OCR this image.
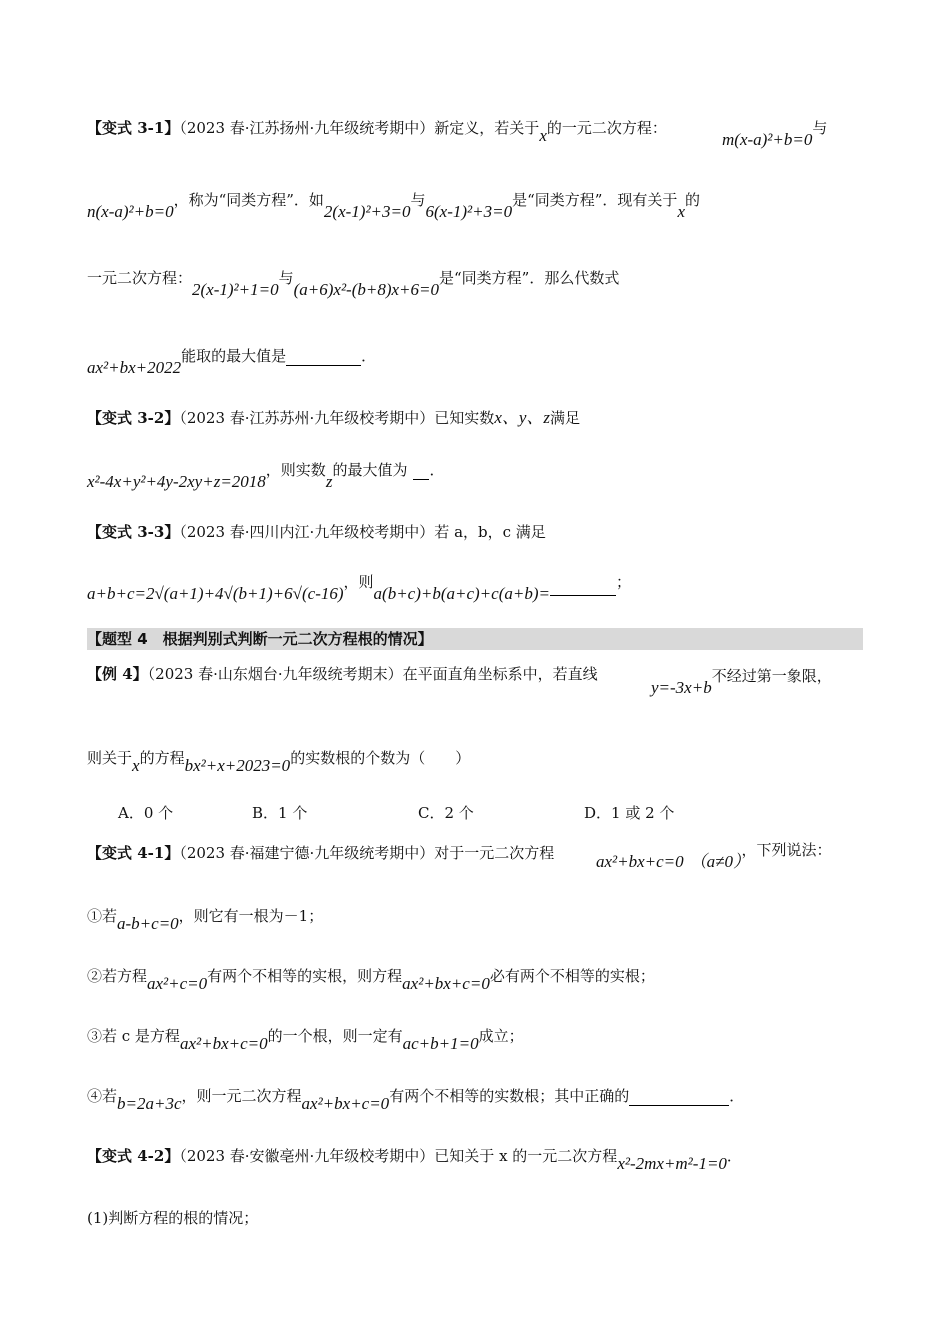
【变式 3-1】（2023 春·江苏扬州·九年级统考期中）新定义，若关于x的一元二次方程：
m(x-a)²+b=0与
n(x-a)²+b=0，称为“同类方程”．如2(x-1)²+3=0与6(x-1)²+3=0是“同类方程”．现有关于x的
一元二次方程：2(x-1)²+1=0与(a+6)x²-(b+8)x+6=0是“同类方程”．那么代数式
ax²+bx+2022能取的最大值是	．
【变式 3-2】（2023 春·江苏苏州·九年级校考期中）已知实数x、y、z满足
x²-4x+y²+4y-2xy+z=2018，则实数z的最大值为 ．
【变式 3-3】（2023 春·四川内江·九年级校考期中）若 a，b，c 满足
a+b+c=2√(a+1)+4√(b+1)+6√(c-16)，则a(b+c)+b(a+c)+c(a+b)=；
【题型 4　根据判别式判断一元二次方程根的情况】
【例 4】（2023 春·山东烟台·九年级统考期末）在平面直角坐标系中，若直线
y=-3x+b不经过第一象限，
则关于x的方程bx²+x+2023=0的实数根的个数为（　　）
A．0 个	B．1 个	C．2 个	D．1 或 2 个
【变式 4-1】（2023 春·福建宁德·九年级统考期中）对于一元二次方程 ax²+bx+c=0 （a≠0），下列说法：
①若a-b+c=0，则它有一根为－1；
②若方程ax²+c=0有两个不相等的实根，则方程ax²+bx+c=0必有两个不相等的实根；
③若 c 是方程ax²+bx+c=0的一个根，则一定有ac+b+1=0成立；
④若b=2a+3c，则一元二次方程ax²+bx+c=0有两个不相等的实数根；其中正确的	．
【变式 4-2】（2023 春·安徽亳州·九年级校考期中）已知关于 x 的一元二次方程x²-2mx+m²-1=0．
(1)判断方程的根的情况；
